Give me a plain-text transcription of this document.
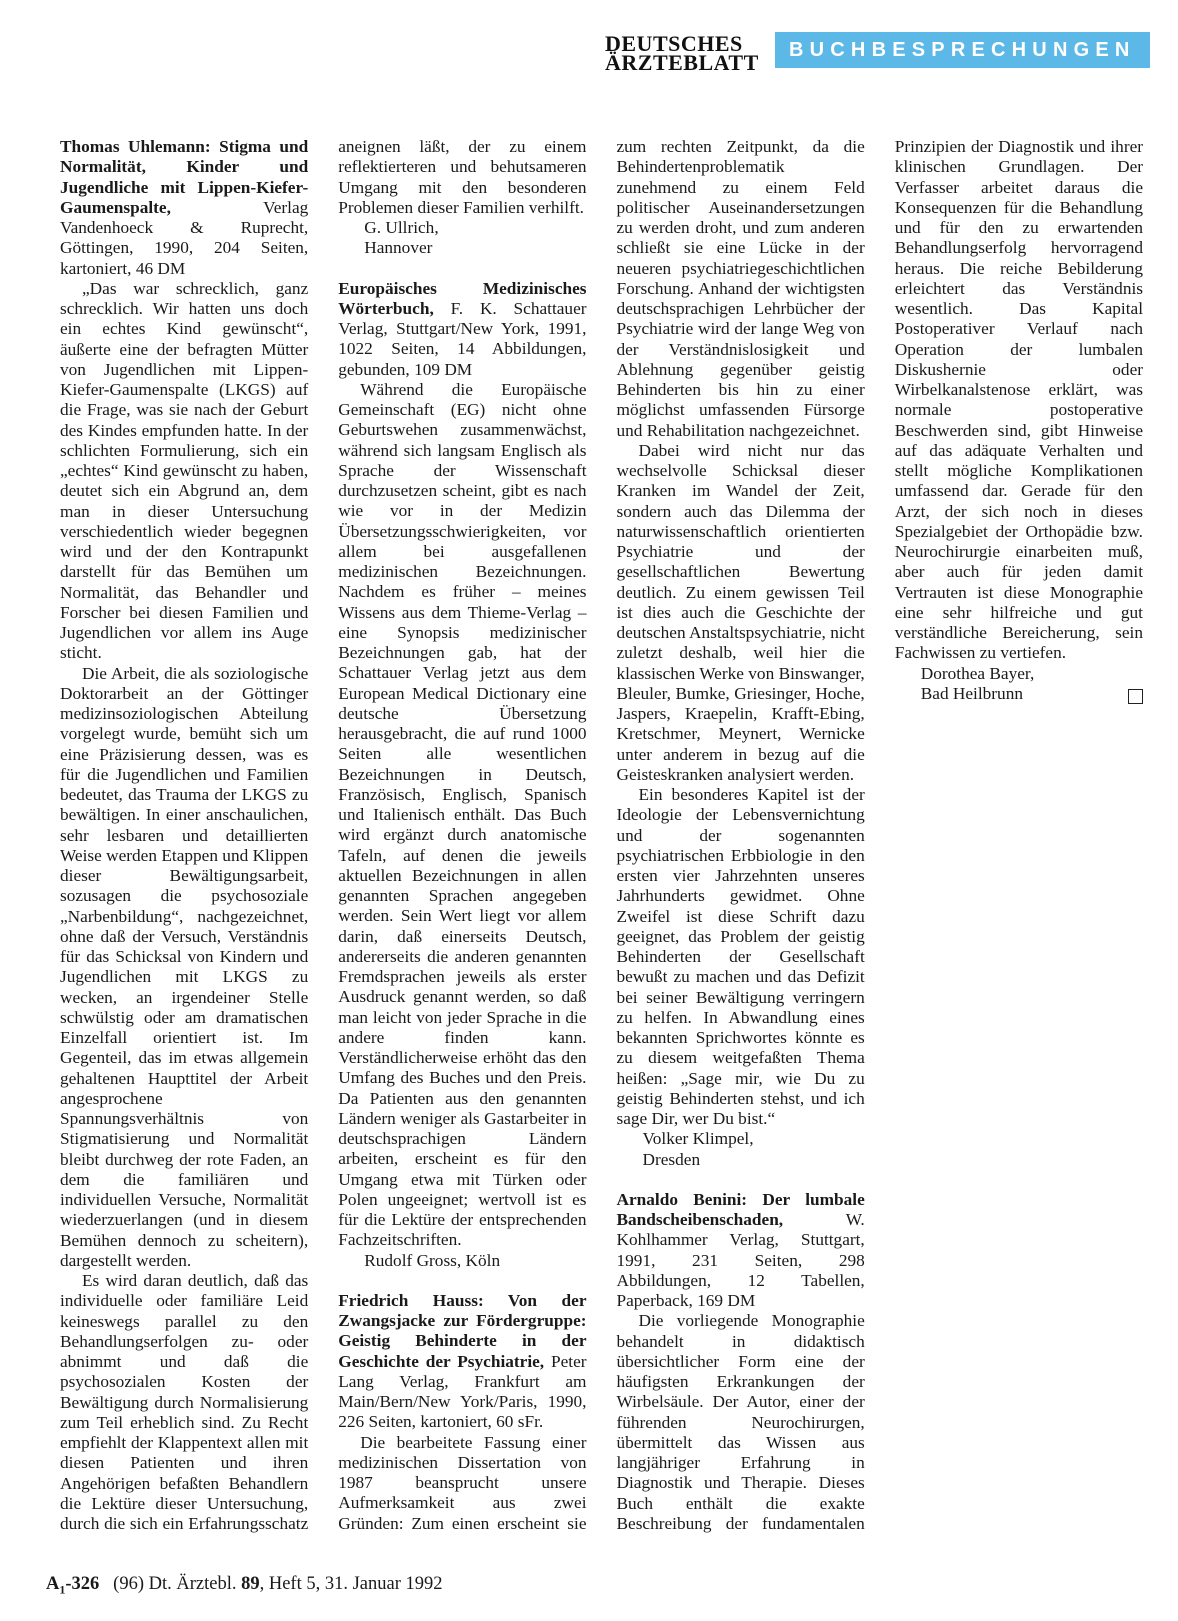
DEUTSCHES
ÄRZTEBLATT	BUCHBESPRECHUNGEN

Thomas Uhlemann: Stigma und Normalität, Kinder und Jugendliche mit Lippen-Kiefer-Gaumenspalte, Verlag Vandenhoeck & Ruprecht, Göttingen, 1990, 204 Seiten, kartoniert, 46 DM

„Das war schrecklich, ganz schrecklich. Wir hatten uns doch ein echtes Kind gewünscht“, äußerte eine der befragten Mütter von Jugendlichen mit Lippen-Kiefer-Gaumenspalte (LKGS) auf die Frage, was sie nach der Geburt des Kindes empfunden hatte. In der schlichten Formulierung, sich ein „echtes“ Kind gewünscht zu haben, deutet sich ein Abgrund an, dem man in dieser Untersuchung verschiedentlich wieder begegnen wird und der den Kontrapunkt darstellt für das Bemühen um Normalität, das Behandler und Forscher bei diesen Familien und Jugendlichen vor allem ins Auge sticht.

Die Arbeit, die als soziologische Doktorarbeit an der Göttinger medizinsoziologischen Abteilung vorgelegt wurde, bemüht sich um eine Präzisierung dessen, was es für die Jugendlichen und Familien bedeutet, das Trauma der LKGS zu bewältigen. In einer anschaulichen, sehr lesbaren und detaillierten Weise werden Etappen und Klippen dieser Bewältigungsarbeit, sozusagen die psychosoziale „Narbenbildung“, nachgezeichnet, ohne daß der Versuch, Verständnis für das Schicksal von Kindern und Jugendlichen mit LKGS zu wecken, an irgendeiner Stelle schwülstig oder am dramatischen Einzelfall orientiert ist. Im Gegenteil, das im etwas allgemein gehaltenen Haupttitel der Arbeit angesprochene Spannungsverhältnis von Stigmatisierung und Normalität bleibt durchweg der rote Faden, an dem die familiären und individuellen Versuche, Normalität wiederzuerlangen (und in diesem Bemühen dennoch zu scheitern), dargestellt werden.

Es wird daran deutlich, daß das individuelle oder familiäre Leid keineswegs parallel zu den Behandlungserfolgen zu- oder abnimmt und daß die psychosozialen Kosten der Bewältigung durch Normalisierung zum Teil erheblich sind. Zu Recht empfiehlt der Klappentext allen mit diesen Patienten und ihren Angehörigen befaßten Behandlern die Lektüre dieser Untersuchung, durch die sich ein Erfahrungsschatz aneignen läßt, der zu einem reflektierteren und behutsameren Umgang mit den besonderen Problemen dieser Familien verhilft.

G. Ullrich,

Hannover

Europäisches Medizinisches Wörterbuch, F. K. Schattauer Verlag, Stuttgart/New York, 1991, 1022 Seiten, 14 Abbildungen, gebunden, 109 DM

Während die Europäische Gemeinschaft (EG) nicht ohne Geburtswehen zusammenwächst, während sich langsam Englisch als Sprache der Wissenschaft durchzusetzen scheint, gibt es nach wie vor in der Medizin Übersetzungsschwierigkeiten, vor allem bei ausgefallenen medizinischen Bezeichnungen. Nachdem es früher – meines Wissens aus dem Thieme-Verlag – eine Synopsis medizinischer Bezeichnungen gab, hat der Schattauer Verlag jetzt aus dem European Medical Dictionary eine deutsche Übersetzung herausgebracht, die auf rund 1000 Seiten alle wesentlichen Bezeichnungen in Deutsch, Französisch, Englisch, Spanisch und Italienisch enthält. Das Buch wird ergänzt durch anatomische Tafeln, auf denen die jeweils aktuellen Bezeichnungen in allen genannten Sprachen angegeben werden. Sein Wert liegt vor allem darin, daß einerseits Deutsch, andererseits die anderen genannten Fremdsprachen jeweils als erster Ausdruck genannt werden, so daß man leicht von jeder Sprache in die andere finden kann. Verständlicherweise erhöht das den Umfang des Buches und den Preis. Da Patienten aus den genannten Ländern weniger als Gastarbeiter in deutschsprachigen Ländern arbeiten, erscheint es für den Umgang etwa mit Türken oder Polen ungeeignet; wertvoll ist es für die Lektüre der entsprechenden Fachzeitschriften.

Rudolf Gross, Köln

Friedrich Hauss: Von der Zwangsjacke zur Fördergruppe: Geistig Behinderte in der Geschichte der Psychiatrie, Peter Lang Verlag, Frankfurt am Main/Bern/New York/Paris, 1990, 226 Seiten, kartoniert, 60 sFr.

Die bearbeitete Fassung einer medizinischen Dissertation von 1987 beansprucht unsere Aufmerksamkeit aus zwei Gründen: Zum einen erscheint sie zum rechten Zeitpunkt, da die Behindertenproblematik zunehmend zu einem Feld politischer Auseinandersetzungen zu werden droht, und zum anderen schließt sie eine Lücke in der neueren psychiatriegeschichtlichen Forschung. Anhand der wichtigsten deutschsprachigen Lehrbücher der Psychiatrie wird der lange Weg von der Verständnislosigkeit und Ablehnung gegenüber geistig Behinderten bis hin zu einer möglichst umfassenden Fürsorge und Rehabilitation nachgezeichnet.

Dabei wird nicht nur das wechselvolle Schicksal dieser Kranken im Wandel der Zeit, sondern auch das Dilemma der naturwissenschaftlich orientierten Psychiatrie und der gesellschaftlichen Bewertung deutlich. Zu einem gewissen Teil ist dies auch die Geschichte der deutschen Anstaltspsychiatrie, nicht zuletzt deshalb, weil hier die klassischen Werke von Binswanger, Bleuler, Bumke, Griesinger, Hoche, Jaspers, Kraepelin, Krafft-Ebing, Kretschmer, Meynert, Wernicke unter anderem in bezug auf die Geisteskranken analysiert werden.

Ein besonderes Kapitel ist der Ideologie der Lebensvernichtung und der sogenannten psychiatrischen Erbbiologie in den ersten vier Jahrzehnten unseres Jahrhunderts gewidmet. Ohne Zweifel ist diese Schrift dazu geeignet, das Problem der geistig Behinderten der Gesellschaft bewußt zu machen und das Defizit bei seiner Bewältigung verringern zu helfen. In Abwandlung eines bekannten Sprichwortes könnte es zu diesem weitgefaßten Thema heißen: „Sage mir, wie Du zu geistig Behinderten stehst, und ich sage Dir, wer Du bist.“

Volker Klimpel,

Dresden

Arnaldo Benini: Der lumbale Bandscheibenschaden, W. Kohlhammer Verlag, Stuttgart, 1991, 231 Seiten, 298 Abbildungen, 12 Tabellen, Paperback, 169 DM

Die vorliegende Monographie behandelt in didaktisch übersichtlicher Form eine der häufigsten Erkrankungen der Wirbelsäule. Der Autor, einer der führenden Neurochirurgen, übermittelt das Wissen aus langjähriger Erfahrung in Diagnostik und Therapie. Dieses Buch enthält die exakte Beschreibung der fundamentalen Prinzipien der Diagnostik und ihrer klinischen Grundlagen. Der Verfasser arbeitet daraus die Konsequenzen für die Behandlung und für den zu erwartenden Behandlungserfolg hervorragend heraus. Die reiche Bebilderung erleichtert das Verständnis wesentlich. Das Kapital Postoperativer Verlauf nach Operation der lumbalen Diskushernie oder Wirbelkanalstenose erklärt, was normale postoperative Beschwerden sind, gibt Hinweise auf das adäquate Verhalten und stellt mögliche Komplikationen umfassend dar. Gerade für den Arzt, der sich noch in dieses Spezialgebiet der Orthopädie bzw. Neurochirurgie einarbeiten muß, aber auch für jeden damit Vertrauten ist diese Monographie eine sehr hilfreiche und gut verständliche Bereicherung, sein Fachwissen zu vertiefen.

Dorothea Bayer,

Bad Heilbrunn

$A_1-326$ (96) Dt. Ärztebl. 89, Heft 5, 31. Januar 1992
